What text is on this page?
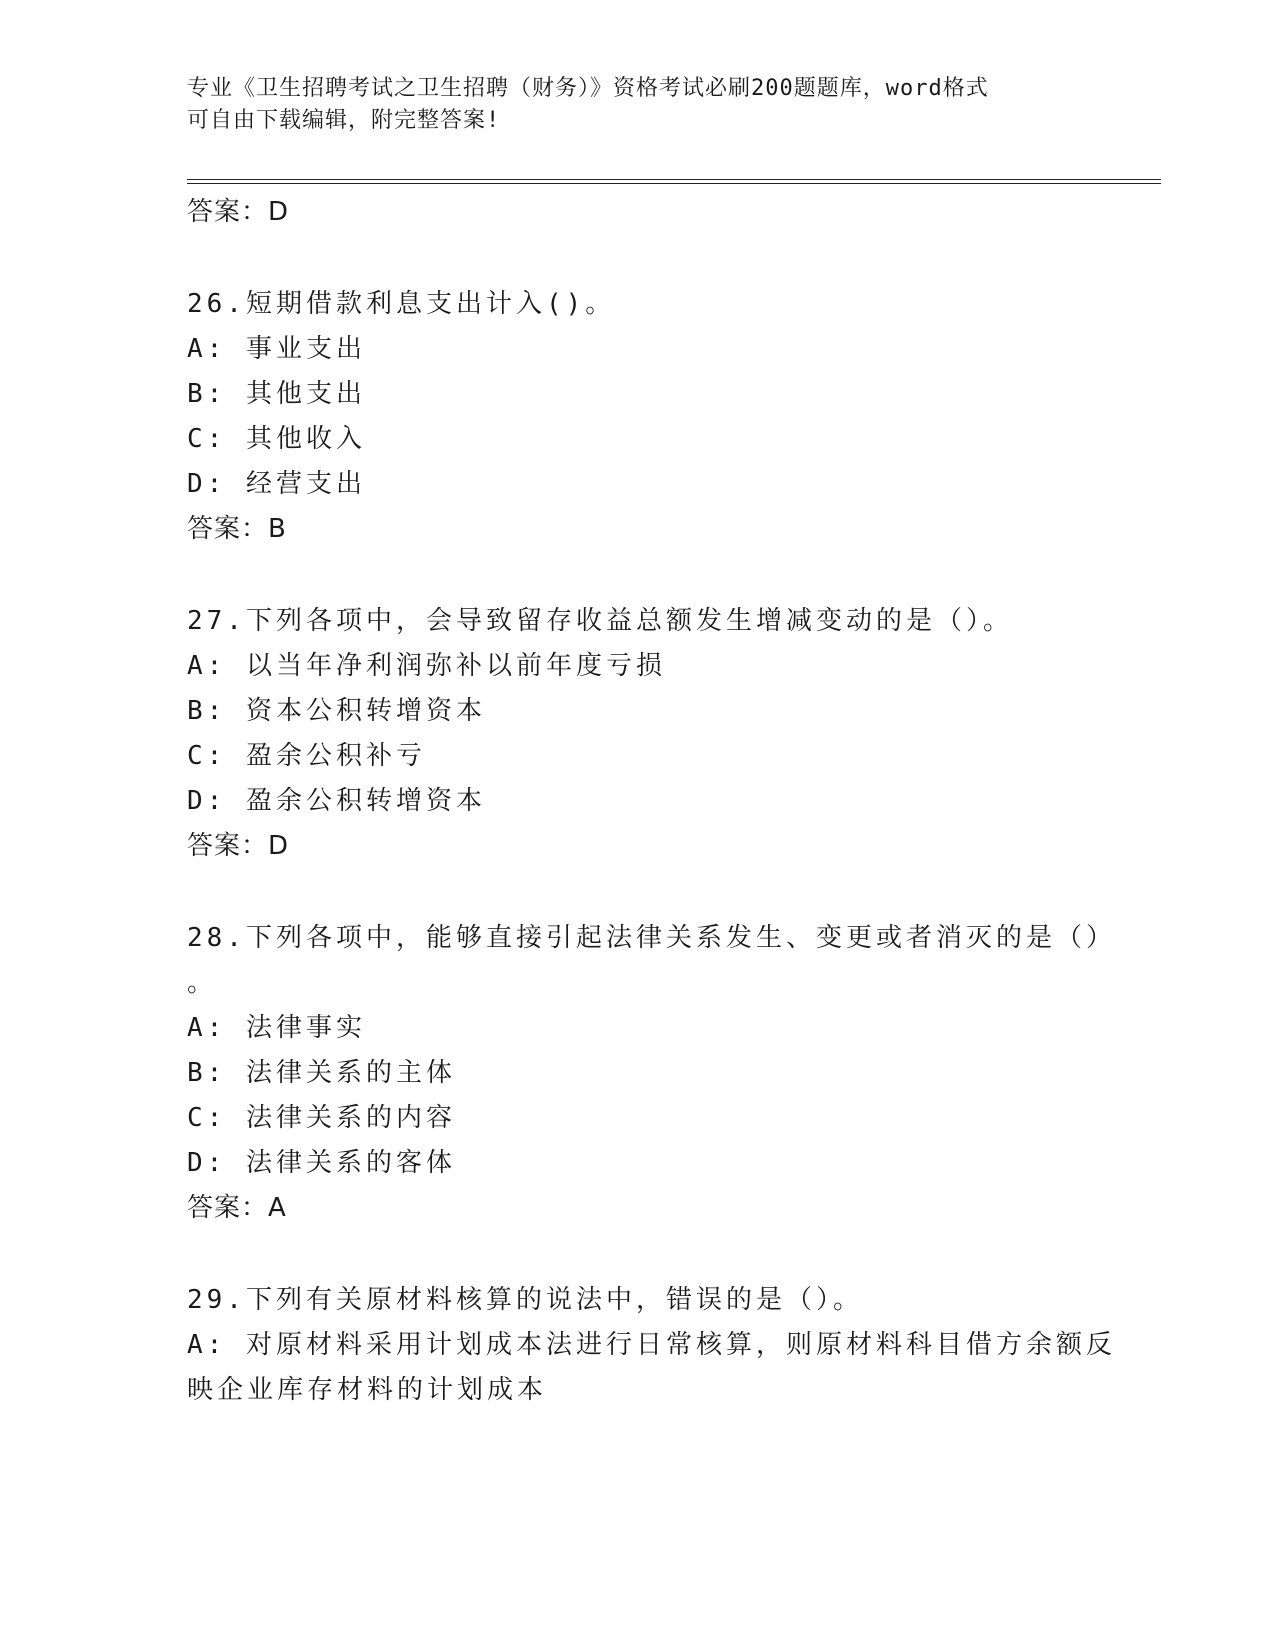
专业《卫生招聘考试之卫生招聘（财务）》资格考试必刷200题题库，word格式
可自由下载编辑，附完整答案!
答案：D
26.短期借款利息支出计入()。
A: 事业支出
B: 其他支出
C: 其他收入
D: 经营支出
答案：B
27.下列各项中，会导致留存收益总额发生增减变动的是（）。
A: 以当年净利润弥补以前年度亏损
B: 资本公积转增资本
C: 盈余公积补亏
D: 盈余公积转增资本
答案：D
28.下列各项中，能够直接引起法律关系发生、变更或者消灭的是（）
。
A: 法律事实
B: 法律关系的主体
C: 法律关系的内容
D: 法律关系的客体
答案：A
29.下列有关原材料核算的说法中，错误的是（）。
A: 对原材料采用计划成本法进行日常核算，则原材料科目借方余额反
映企业库存材料的计划成本
